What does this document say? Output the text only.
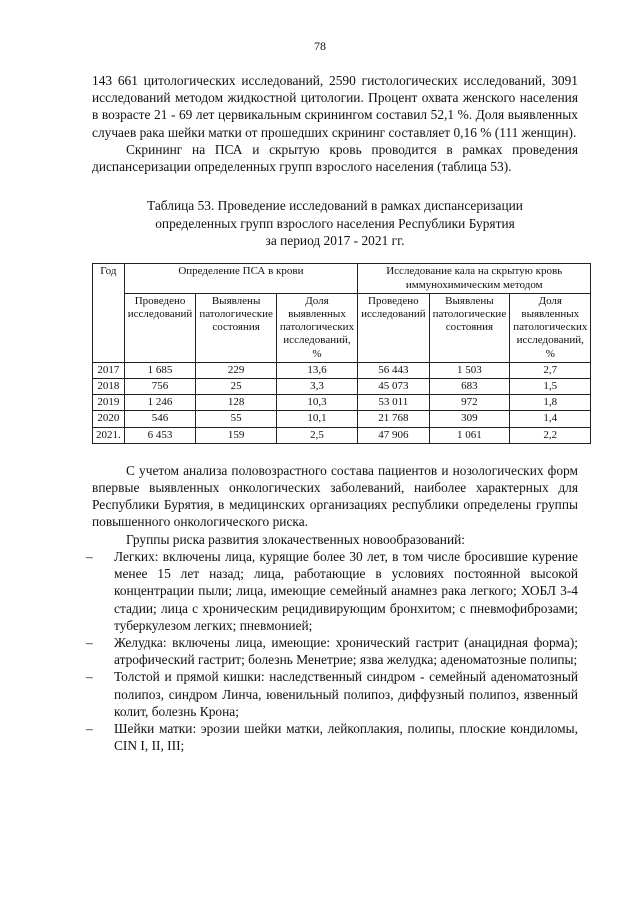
78

143 661 цитологических исследований, 2590 гистологических исследований, 3091 исследований методом жидкостной цитологии. Процент охвата женского населения в возрасте 21 - 69 лет цервикальным скринингом составил 52,1 %. Доля выявленных случаев рака шейки матки от прошедших скрининг составляет 0,16 % (111 женщин).

Скрининг на ПСА и скрытую кровь проводится в рамках проведения диспансеризации определенных групп взрослого населения (таблица 53).

Таблица 53. Проведение исследований в рамках диспансеризации
определенных групп взрослого населения Республики Бурятия
за период 2017 - 2021 гг.
Год	Определение ПСА в крови			Исследование кала на скрытую кровь иммунохимическим методом		
	Проведено исследований	Выявлены патологические состояния	Доля выявленных патологических исследований, %	Проведено исследований	Выявлены патологические состояния	Доля выявленных патологических исследований, %
2017	1 685	229	13,6	56 443	1 503	2,7
2018	756	25	3,3	45 073	683	1,5
2019	1 246	128	10,3	53 011	972	1,8
2020	546	55	10,1	21 768	309	1,4
2021.	6 453	159	2,5	47 906	1 061	2,2

С учетом анализа половозрастного состава пациентов и нозологических форм впервые выявленных онкологических заболеваний, наиболее характерных для Республики Бурятия, в медицинских организациях республики определены группы повышенного онкологического риска.

Группы риска развития злокачественных новообразований:

– Легких: включены лица, курящие более 30 лет, в том числе бросившие курение менее 15 лет назад; лица, работающие в условиях постоянной высокой концентрации пыли; лица, имеющие семейный анамнез рака легкого; ХОБЛ 3-4 стадии; лица с хроническим рецидивирующим бронхитом; с пневмофиброзами; туберкулезом легких; пневмонией;
– Желудка: включены лица, имеющие: хронический гастрит (анацидная форма); атрофический гастрит; болезнь Менетрие; язва желудка; аденоматозные полипы;
– Толстой и прямой кишки: наследственный синдром - семейный аденоматозный полипоз, синдром Линча, ювенильный полипоз, диффузный полипоз, язвенный колит, болезнь Крона;
– Шейки матки: эрозии шейки матки, лейкоплакия, полипы, плоские кондиломы, CIN I, II, III;
